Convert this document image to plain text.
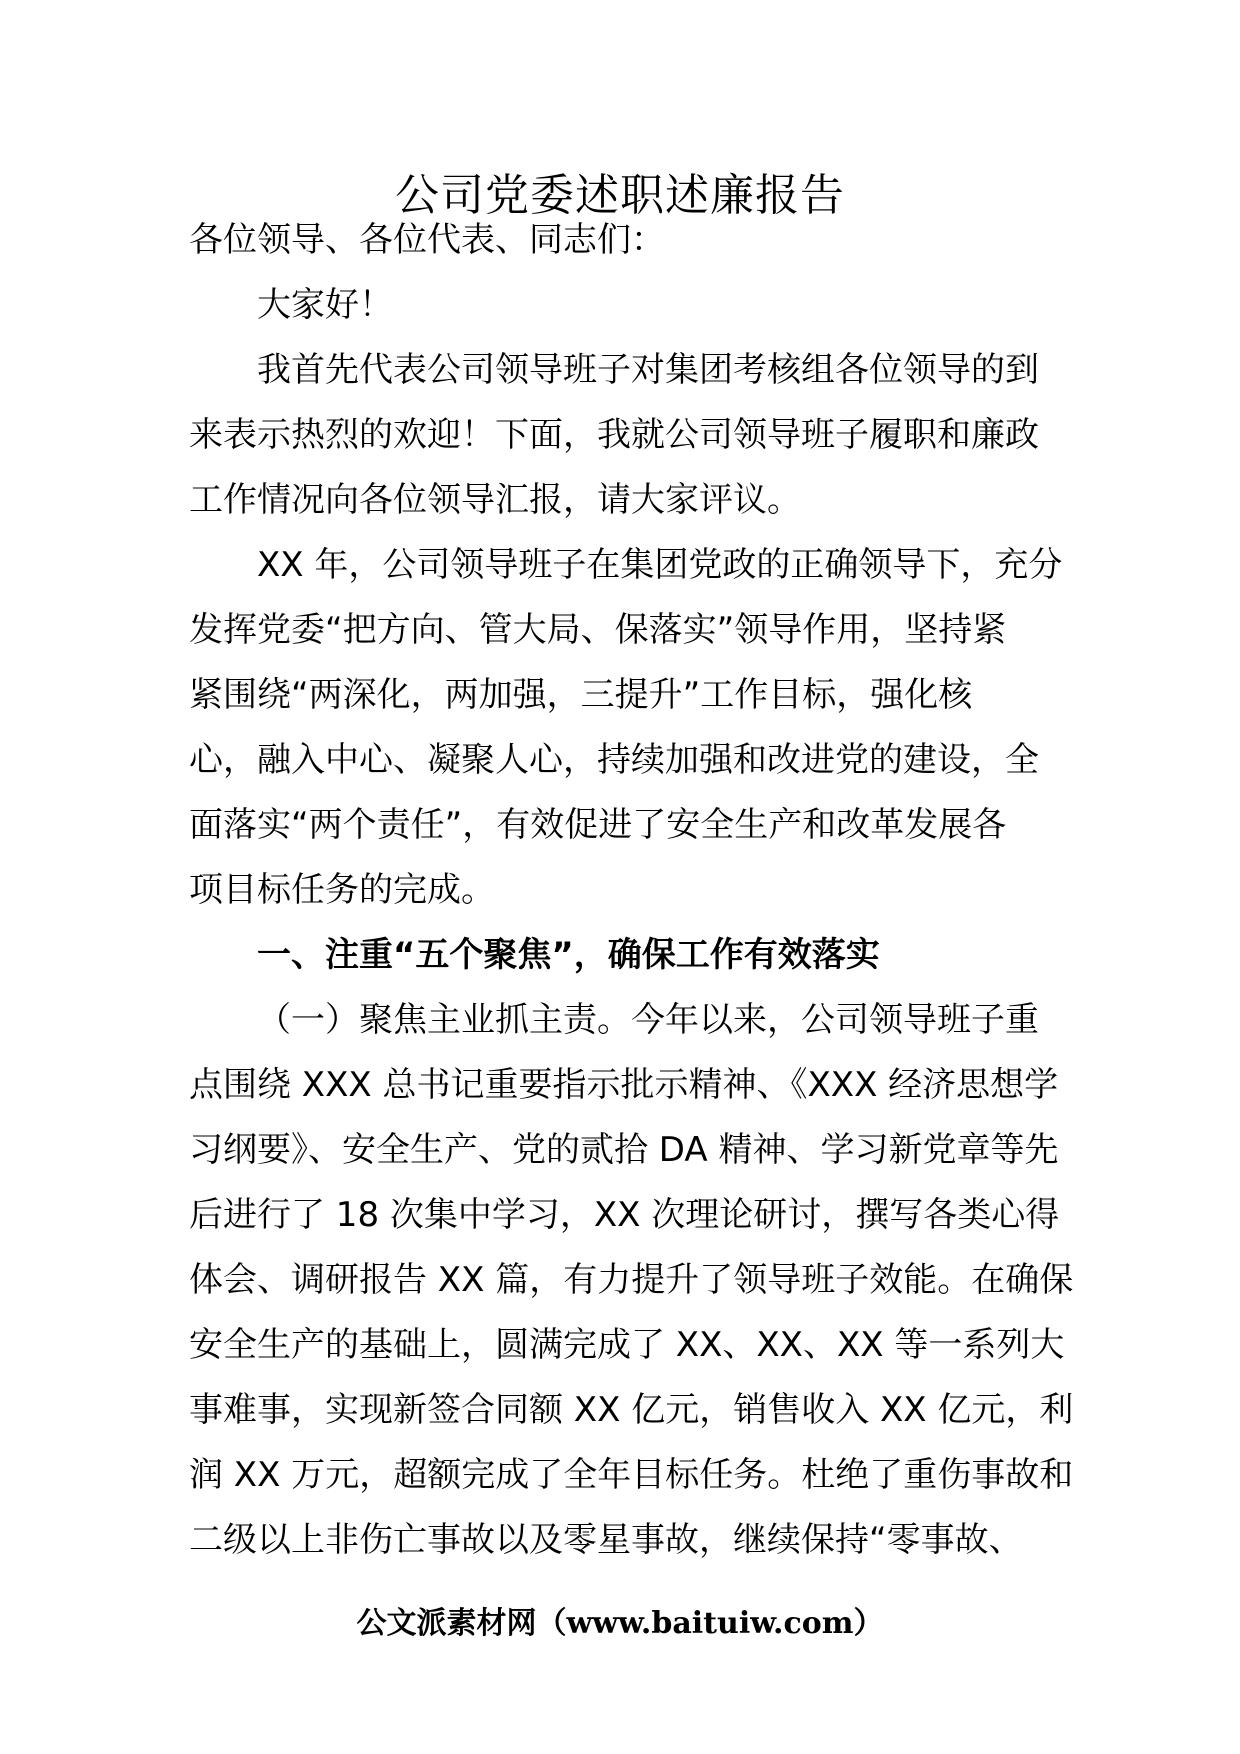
公司党委述职述廉报告
各位领导、各位代表、同志们：
大家好！
我首先代表公司领导班子对集团考核组各位领导的到
来表示热烈的欢迎！下面，我就公司领导班子履职和廉政
工作情况向各位领导汇报，请大家评议。
XX 年，公司领导班子在集团党政的正确领导下，充分
发挥党委“把方向、管大局、保落实”领导作用，坚持紧
紧围绕“两深化，两加强，三提升”工作目标，强化核
心，融入中心、凝聚人心，持续加强和改进党的建设，全
面落实“两个责任”，有效促进了安全生产和改革发展各
项目标任务的完成。
一、注重“五个聚焦”，确保工作有效落实
（一）聚焦主业抓主责。今年以来，公司领导班子重
点围绕 XXX 总书记重要指示批示精神、《XXX 经济思想学
习纲要》、安全生产、党的贰拾 DA 精神、学习新党章等先
后进行了 18 次集中学习，XX 次理论研讨，撰写各类心得
体会、调研报告 XX 篇，有力提升了领导班子效能。在确保
安全生产的基础上，圆满完成了 XX、XX、XX 等一系列大
事难事，实现新签合同额 XX 亿元，销售收入 XX 亿元，利
润 XX 万元，超额完成了全年目标任务。杜绝了重伤事故和
二级以上非伤亡事故以及零星事故，继续保持“零事故、
公文派素材网（www.baituiw.com）
